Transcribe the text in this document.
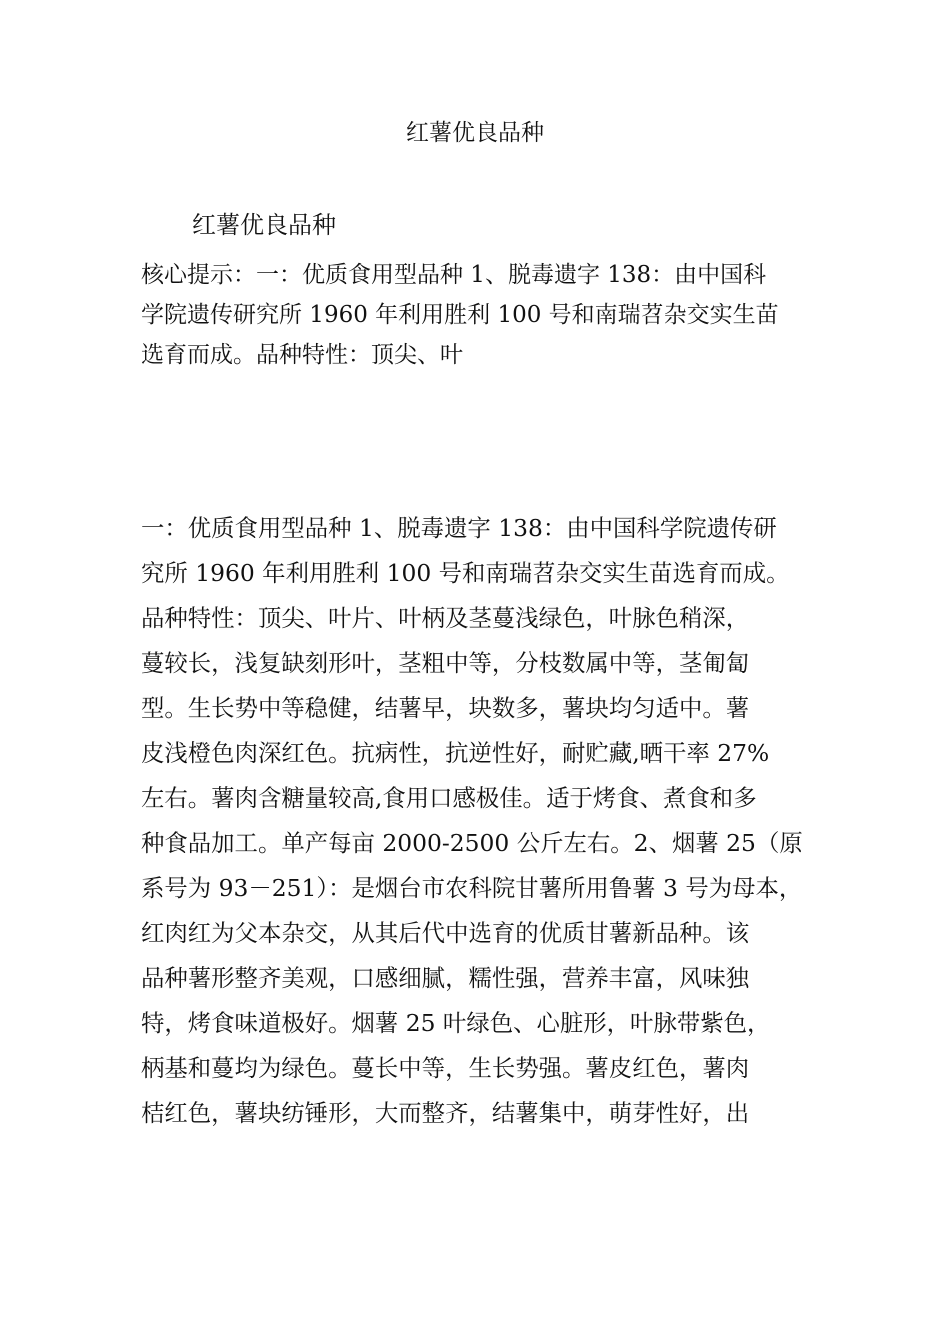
红薯优良品种

红薯优良品种

核心提示：一：优质食用型品种 1、脱毒遗字 138：由中国科
学院遗传研究所 1960 年利用胜利 100 号和南瑞苕杂交实生苗
选育而成。品种特性：顶尖、叶
一：优质食用型品种 1、脱毒遗字 138：由中国科学院遗传研
究所 1960 年利用胜利 100 号和南瑞苕杂交实生苗选育而成。
品种特性：顶尖、叶片、叶柄及茎蔓浅绿色，叶脉色稍深，
蔓较长，浅复缺刻形叶，茎粗中等，分枝数属中等，茎匍匐
型。生长势中等稳健，结薯早，块数多，薯块均匀适中。薯
皮浅橙色肉深红色。抗病性，抗逆性好，耐贮藏,晒干率 27%
左右。薯肉含糖量较高,食用口感极佳。适于烤食、煮食和多
种食品加工。单产每亩 2000-2500 公斤左右。2、烟薯 25（原
系号为 93－251）：是烟台市农科院甘薯所用鲁薯 3 号为母本，
红肉红为父本杂交，从其后代中选育的优质甘薯新品种。该
品种薯形整齐美观，口感细腻，糯性强，营养丰富，风味独
特，烤食味道极好。烟薯 25 叶绿色、心脏形，叶脉带紫色，
柄基和蔓均为绿色。蔓长中等，生长势强。薯皮红色，薯肉
桔红色，薯块纺锤形，大而整齐，结薯集中，萌芽性好，出
